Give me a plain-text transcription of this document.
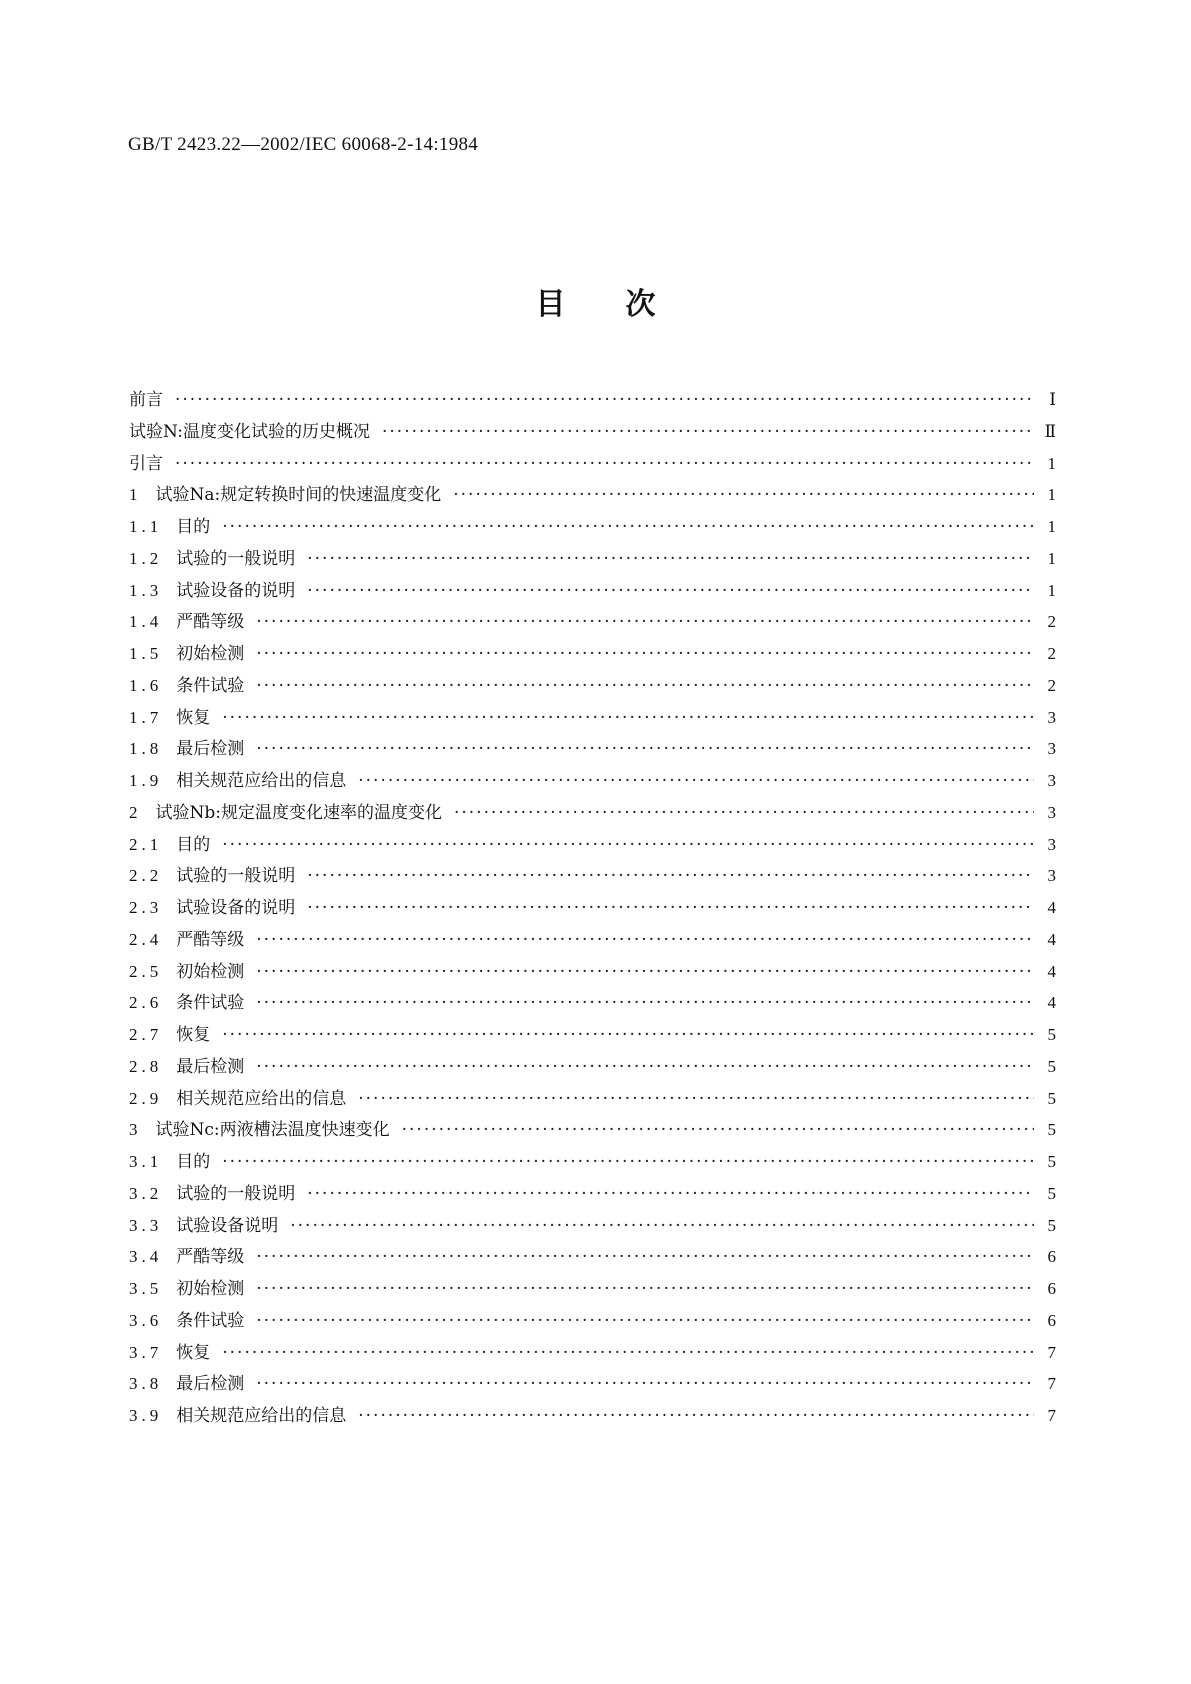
GB/T 2423.22—2002/IEC 60068-2-14:1984
目次
前言 ·····	Ⅰ
试验N:温度变化试验的历史概况 ·····	Ⅱ
引言 ·····	1
1 试验Na:规定转换时间的快速温度变化 ·····	1
1.1 目的 ·····	1
1.2 试验的一般说明 ·····	1
1.3 试验设备的说明 ·····	1
1.4 严酷等级 ·····	2
1.5 初始检测 ·····	2
1.6 条件试验 ·····	2
1.7 恢复 ·····	3
1.8 最后检测 ·····	3
1.9 相关规范应给出的信息 ·····	3
2 试验Nb:规定温度变化速率的温度变化 ·····	3
2.1 目的 ·····	3
2.2 试验的一般说明 ·····	3
2.3 试验设备的说明 ·····	4
2.4 严酷等级 ·····	4
2.5 初始检测 ·····	4
2.6 条件试验 ·····	4
2.7 恢复 ·····	5
2.8 最后检测 ·····	5
2.9 相关规范应给出的信息 ·····	5
3 试验Nc:两液槽法温度快速变化 ·····	5
3.1 目的 ·····	5
3.2 试验的一般说明 ·····	5
3.3 试验设备说明 ·····	5
3.4 严酷等级 ·····	6
3.5 初始检测 ·····	6
3.6 条件试验 ·····	6
3.7 恢复 ·····	7
3.8 最后检测 ·····	7
3.9 相关规范应给出的信息 ·····	7
